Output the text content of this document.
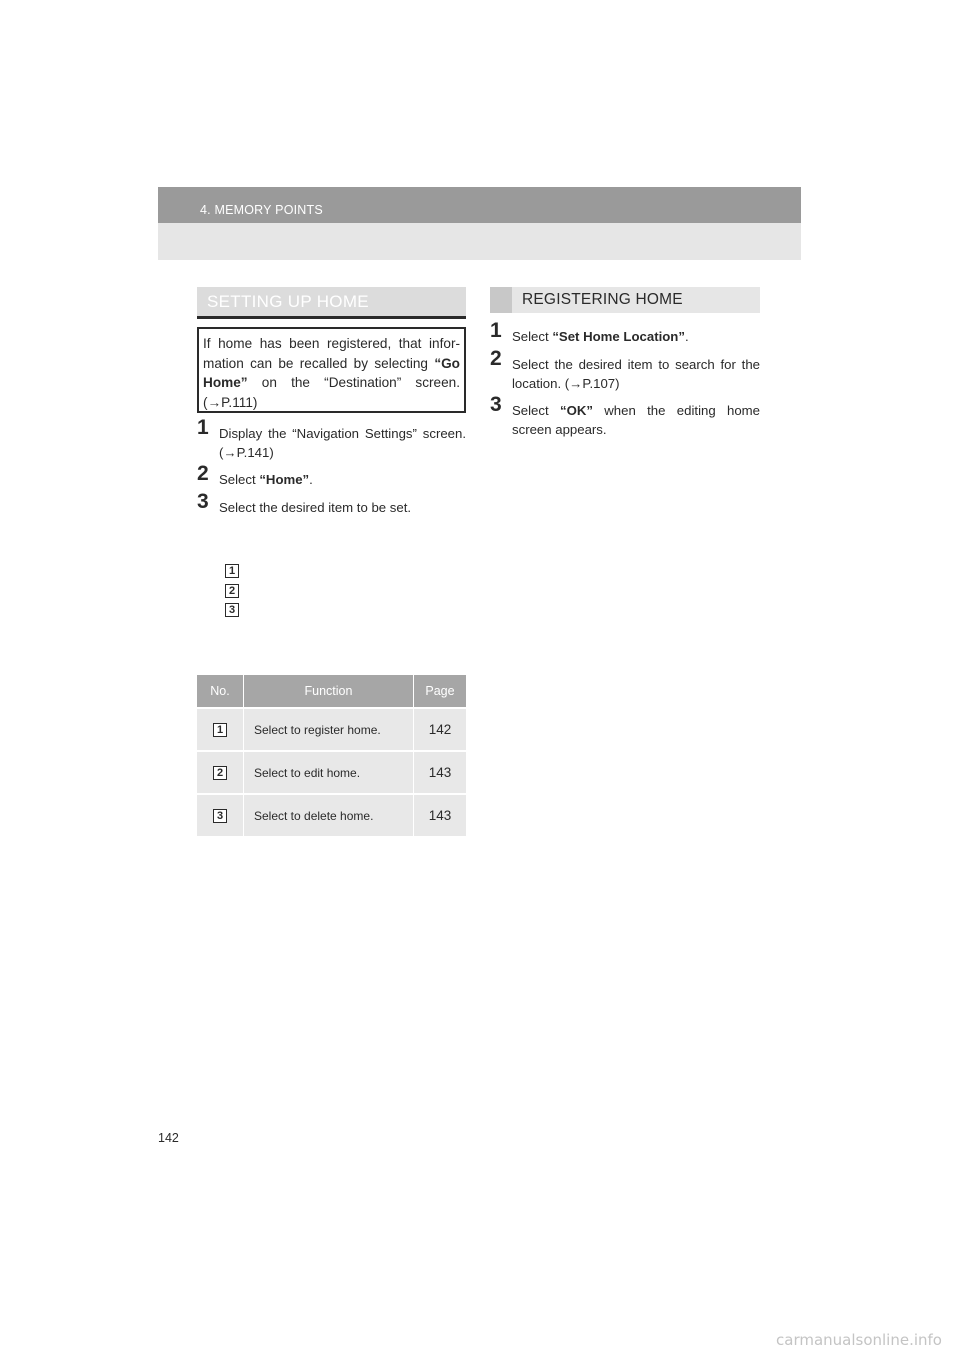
4. MEMORY POINTS
SETTING UP HOME
If home has been registered, that infor-mation can be recalled by selecting “Go Home” on the “Destination” screen. (→P.111)
1 Display the “Navigation Settings” screen. (→P.141)
2 Select “Home”.
3 Select the desired item to be set.
1
2
3
No.	Function	Page
1	Select to register home.	142
2	Select to edit home.	143
3	Select to delete home.	143
REGISTERING HOME
1 Select “Set Home Location”.
2 Select the desired item to search for the location. (→P.107)
3 Select “OK” when the editing home screen appears.
142
carmanualsonline.info
